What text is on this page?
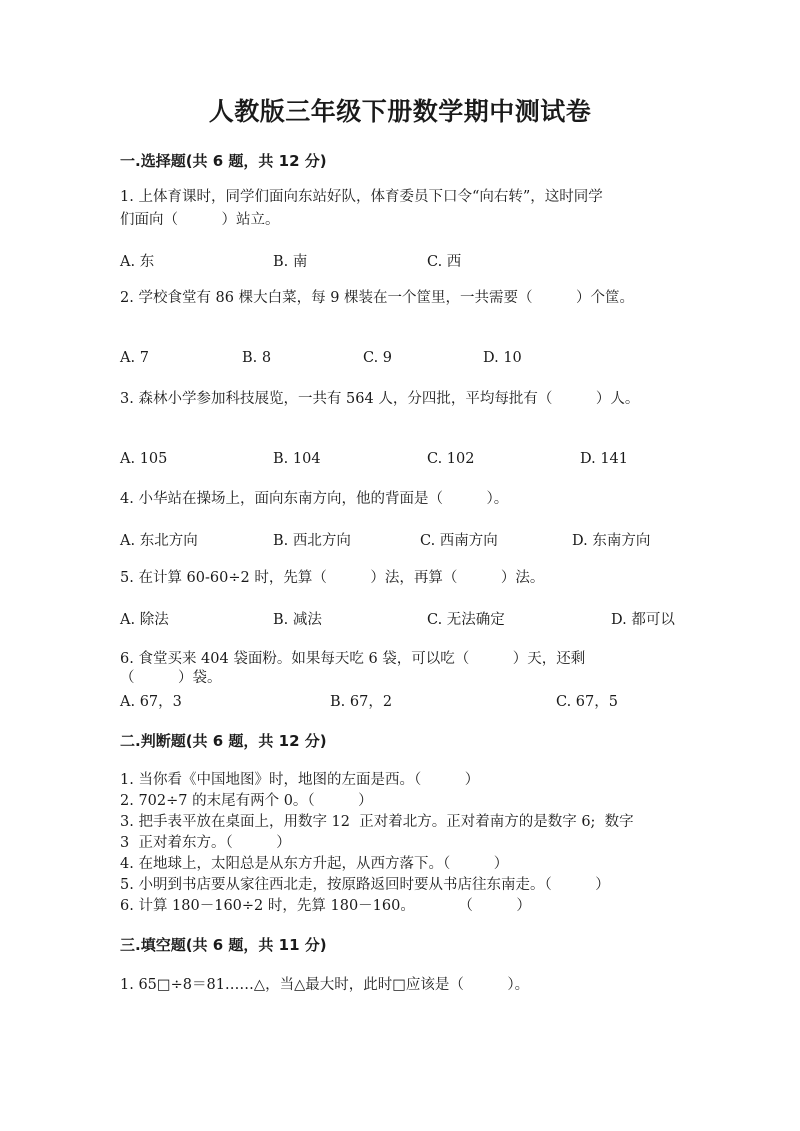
人教版三年级下册数学期中测试卷
一.选择题(共 6 题，共 12 分)
1. 上体育课时，同学们面向东站好队，体育委员下口令“向右转”，这时同学
们面向（　　　）站立。
A. 东	B. 南	C. 西
2. 学校食堂有 86 棵大白菜，每 9 棵装在一个筐里，一共需要（　　　）个筐。
A. 7	B. 8	C. 9	D. 10
3. 森林小学参加科技展览，一共有 564 人，分四批，平均每批有（　　　）人。
A. 105	B. 104	C. 102	D. 141
4. 小华站在操场上，面向东南方向，他的背面是（　　　）。
A. 东北方向	B. 西北方向	C. 西南方向	D. 东南方向
5. 在计算 60-60÷2 时，先算（　　　）法，再算（　　　）法。
A. 除法	B. 减法	C. 无法确定	D. 都可以
6. 食堂买来 404 袋面粉。如果每天吃 6 袋，可以吃（　　　）天，还剩
（　　　）袋。
A. 67，3	B. 67，2	C. 67，5
二.判断题(共 6 题，共 12 分)
1. 当你看《中国地图》时，地图的左面是西。（　　　）
2. 702÷7 的末尾有两个 0。（　　　）
3. 把手表平放在桌面上，用数字 12  正对着北方。正对着南方的是数字 6;  数字
3  正对着东方。（　　　）
4. 在地球上，太阳总是从东方升起，从西方落下。（　　　）
5. 小明到书店要从家往西北走，按原路返回时要从书店往东南走。（　　　）
6. 计算 180－160÷2 时，先算 180－160。　　　　（　　　）
三.填空题(共 6 题，共 11 分)
1. 65□÷8＝81……△，当△最大时，此时□应该是（　　　）。
